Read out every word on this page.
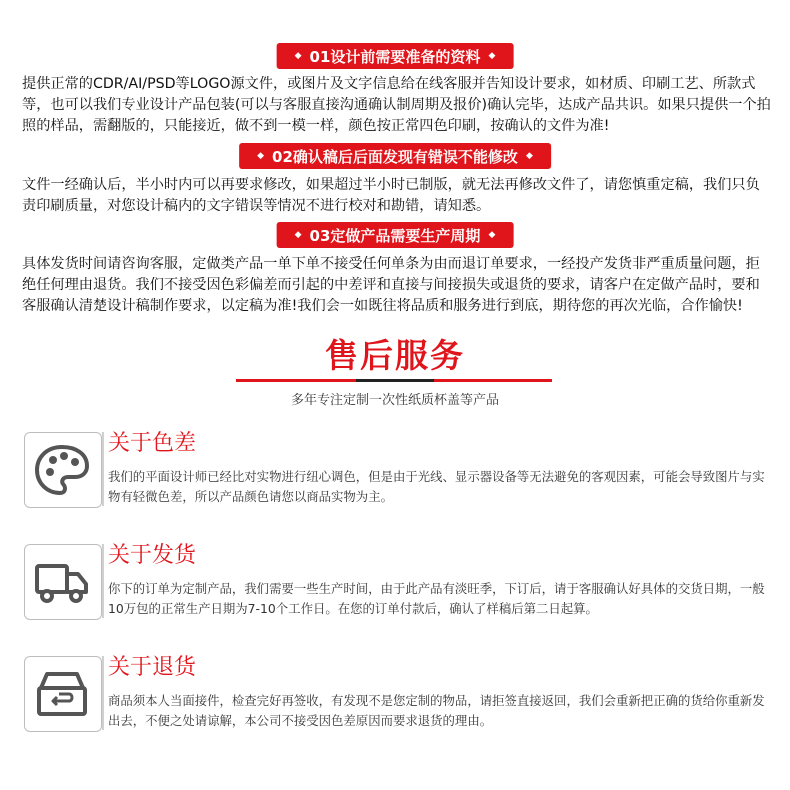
◆ 01设计前需要准备的资料 ◆
提供正常的CDR/AI/PSD等LOGO源文件，或图片及文字信息给在线客服并告知设计要求，如材质、印刷工艺、所款式等，也可以我们专业设计产品包装(可以与客服直接沟通确认制周期及报价)确认完毕，达成产品共识。如果只提供一个拍照的样品，需翻版的，只能接近，做不到一模一样，颜色按正常四色印刷，按确认的文件为准!
◆ 02确认稿后后面发现有错误不能修改 ◆
文件一经确认后，半小时内可以再要求修改，如果超过半小时已制版，就无法再修改文件了，请您慎重定稿，我们只负责印刷质量，对您设计稿内的文字错误等情况不进行校对和勘错，请知悉。
◆ 03定做产品需要生产周期 ◆
具体发货时间请咨询客服，定做类产品一单下单不接受任何单条为由而退订单要求，一经投产发货非严重质量问题，拒绝任何理由退货。我们不接受因色彩偏差而引起的中差评和直接与间接损失或退货的要求，请客户在定做产品时，要和客服确认清楚设计稿制作要求，以定稿为准!我们会一如既往将品质和服务进行到底，期待您的再次光临，合作愉快!
售后服务
多年专注定制一次性纸质杯盖等产品
关于色差
我们的平面设计师已经比对实物进行纽心调色，但是由于光线、显示器设备等无法避免的客观因素，可能会导致图片与实物有轻微色差，所以产品颜色请您以商品实物为主。
关于发货
你下的订单为定制产品，我们需要一些生产时间，由于此产品有淡旺季，下订后，请于客服确认好具体的交货日期，一般10万包的正常生产日期为7-10个工作日。在您的订单付款后，确认了样稿后第二日起算。
关于退货
商品须本人当面接件，检查完好再签收，有发现不是您定制的物品，请拒签直接返回，我们会重新把正确的货给你重新发出去，不便之处请谅解，本公司不接受因色差原因而要求退货的理由。
